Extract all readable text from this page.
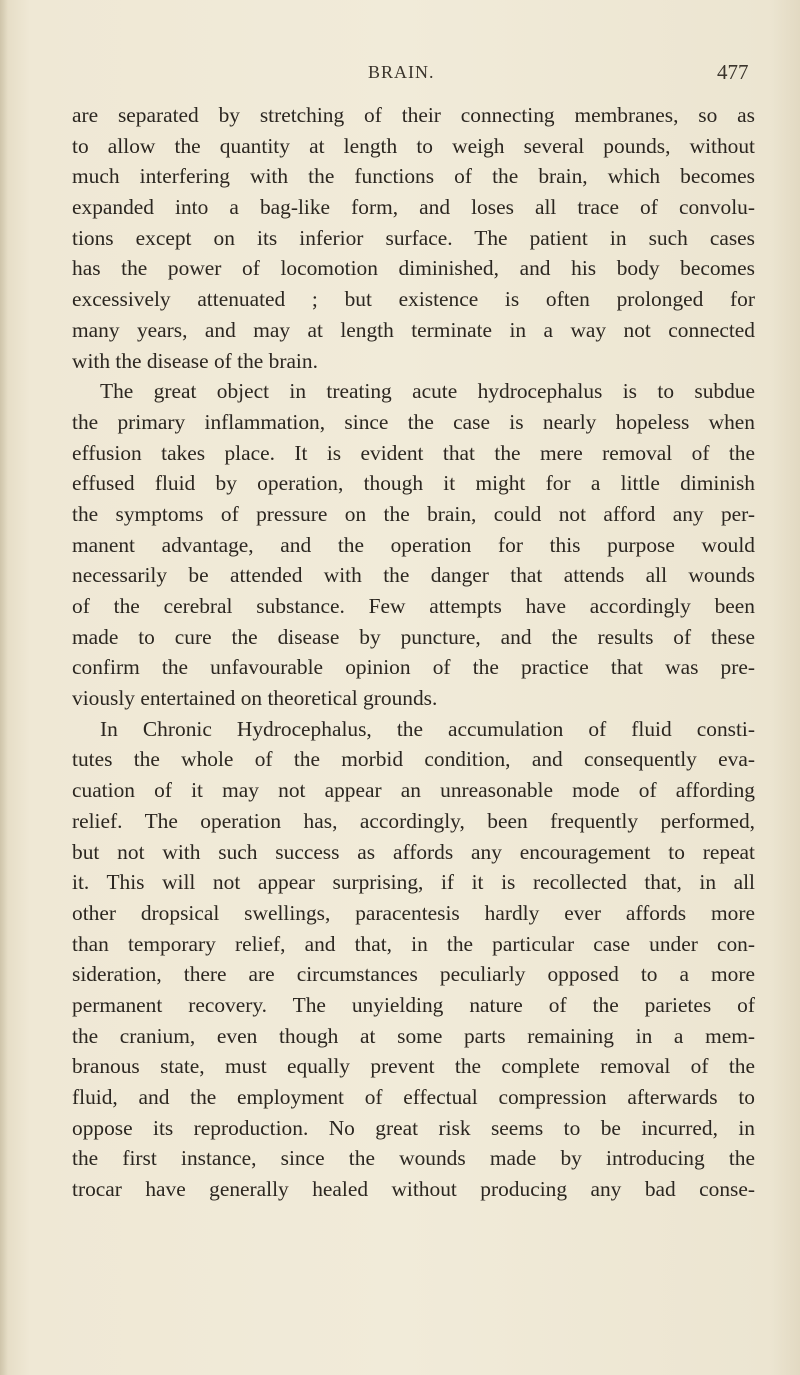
BRAIN.	477
are separated by stretching of their connecting membranes, so as
to allow the quantity at length to weigh several pounds, without
much interfering with the functions of the brain, which becomes
expanded into a bag-like form, and loses all trace of convolu-
tions except on its inferior surface. The patient in such cases
has the power of locomotion diminished, and his body becomes
excessively attenuated ; but existence is often prolonged for
many years, and may at length terminate in a way not connected
with the disease of the brain.
The great object in treating acute hydrocephalus is to subdue
the primary inflammation, since the case is nearly hopeless when
effusion takes place. It is evident that the mere removal of the
effused fluid by operation, though it might for a little diminish
the symptoms of pressure on the brain, could not afford any per-
manent advantage, and the operation for this purpose would
necessarily be attended with the danger that attends all wounds
of the cerebral substance. Few attempts have accordingly been
made to cure the disease by puncture, and the results of these
confirm the unfavourable opinion of the practice that was pre-
viously entertained on theoretical grounds.
In Chronic Hydrocephalus, the accumulation of fluid consti-
tutes the whole of the morbid condition, and consequently eva-
cuation of it may not appear an unreasonable mode of affording
relief. The operation has, accordingly, been frequently performed,
but not with such success as affords any encouragement to repeat
it. This will not appear surprising, if it is recollected that, in all
other dropsical swellings, paracentesis hardly ever affords more
than temporary relief, and that, in the particular case under con-
sideration, there are circumstances peculiarly opposed to a more
permanent recovery. The unyielding nature of the parietes of
the cranium, even though at some parts remaining in a mem-
branous state, must equally prevent the complete removal of the
fluid, and the employment of effectual compression afterwards to
oppose its reproduction. No great risk seems to be incurred, in
the first instance, since the wounds made by introducing the
trocar have generally healed without producing any bad conse-
